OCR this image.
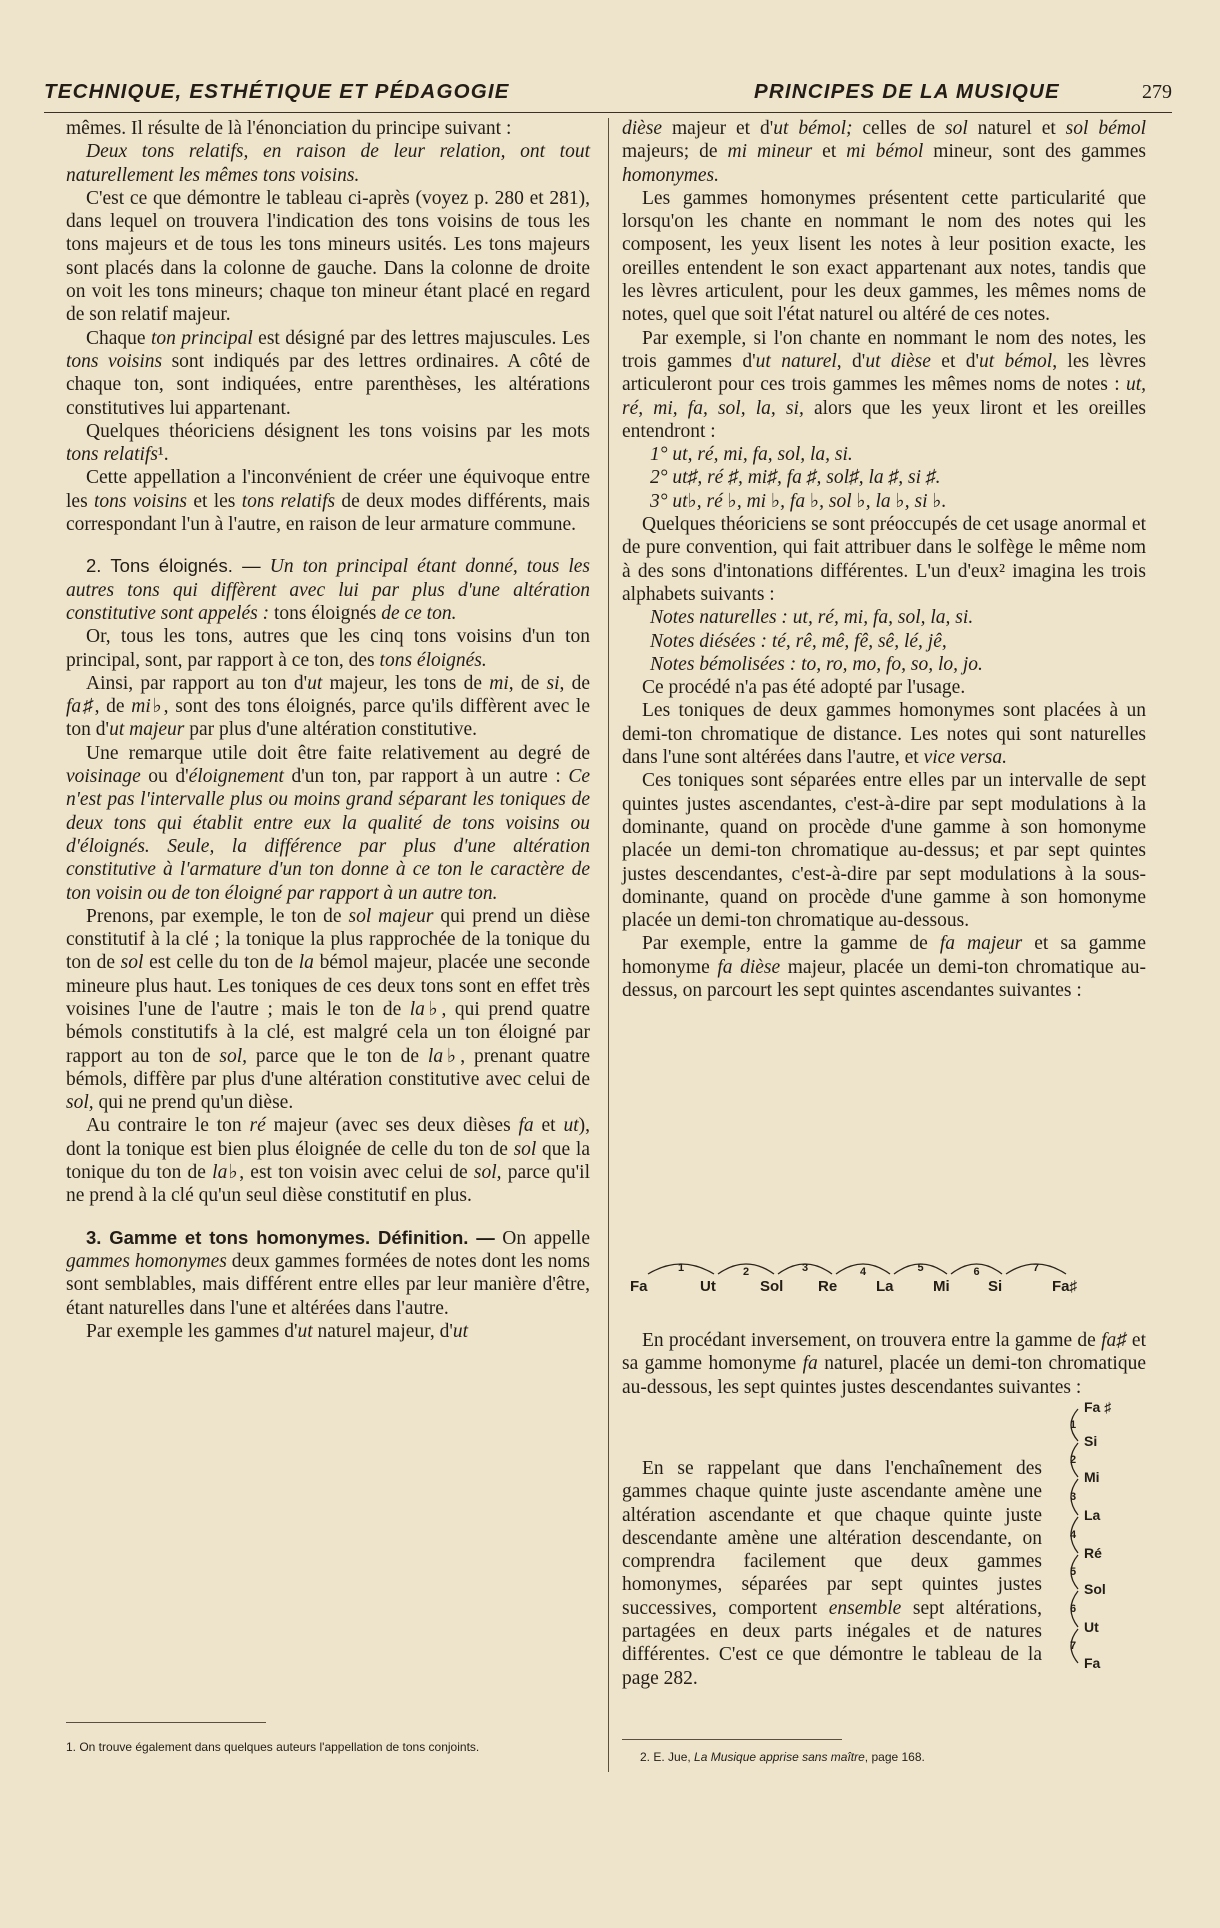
TECHNIQUE, ESTHÉTIQUE ET PÉDAGOGIE	PRINCIPES DE LA MUSIQUE	279

mêmes. Il résulte de là l'énonciation du principe suivant :

Deux tons relatifs, en raison de leur relation, ont tout naturellement les mêmes tons voisins.

C'est ce que démontre le tableau ci-après (voyez p. 280 et 281), dans lequel on trouvera l'indication des tons voisins de tous les tons majeurs et de tous les tons mineurs usités. Les tons majeurs sont placés dans la colonne de gauche. Dans la colonne de droite on voit les tons mineurs; chaque ton mineur étant placé en regard de son relatif majeur.

Chaque ton principal est désigné par des lettres majuscules. Les tons voisins sont indiqués par des lettres ordinaires. A côté de chaque ton, sont indiquées, entre parenthèses, les altérations constitutives lui appartenant.

Quelques théoriciens désignent les tons voisins par les mots tons relatifs¹.

Cette appellation a l'inconvénient de créer une équivoque entre les tons voisins et les tons relatifs de deux modes différents, mais correspondant l'un à l'autre, en raison de leur armature commune.

2. Tons éloignés. — Un ton principal étant donné, tous les autres tons qui diffèrent avec lui par plus d'une altération constitutive sont appelés : tons éloignés de ce ton.

Or, tous les tons, autres que les cinq tons voisins d'un ton principal, sont, par rapport à ce ton, des tons éloignés.

Ainsi, par rapport au ton d'ut majeur, les tons de mi, de si, de fa♯, de mi♭, sont des tons éloignés, parce qu'ils diffèrent avec le ton d'ut majeur par plus d'une altération constitutive.

Une remarque utile doit être faite relativement au degré de voisinage ou d'éloignement d'un ton, par rapport à un autre : Ce n'est pas l'intervalle plus ou moins grand séparant les toniques de deux tons qui établit entre eux la qualité de tons voisins ou d'éloignés. Seule, la différence par plus d'une altération constitutive à l'armature d'un ton donne à ce ton le caractère de ton voisin ou de ton éloigné par rapport à un autre ton.

Prenons, par exemple, le ton de sol majeur qui prend un dièse constitutif à la clé ; la tonique la plus rapprochée de la tonique du ton de sol est celle du ton de la bémol majeur, placée une seconde mineure plus haut. Les toniques de ces deux tons sont en effet très voisines l'une de l'autre ; mais le ton de la♭, qui prend quatre bémols constitutifs à la clé, est malgré cela un ton éloigné par rapport au ton de sol, parce que le ton de la♭, prenant quatre bémols, diffère par plus d'une altération constitutive avec celui de sol, qui ne prend qu'un dièse.

Au contraire le ton ré majeur (avec ses deux dièses fa et ut), dont la tonique est bien plus éloignée de celle du ton de sol que la tonique du ton de la♭, est ton voisin avec celui de sol, parce qu'il ne prend à la clé qu'un seul dièse constitutif en plus.

3. Gamme et tons homonymes. Définition. — On appelle gammes homonymes deux gammes formées de notes dont les noms sont semblables, mais différent entre elles par leur manière d'être, étant naturelles dans l'une et altérées dans l'autre.

Par exemple les gammes d'ut naturel majeur, d'ut

dièse majeur et d'ut bémol; celles de sol naturel et sol bémol majeurs; de mi mineur et mi bémol mineur, sont des gammes homonymes.

Les gammes homonymes présentent cette particularité que lorsqu'on les chante en nommant le nom des notes qui les composent, les yeux lisent les notes à leur position exacte, les oreilles entendent le son exact appartenant aux notes, tandis que les lèvres articulent, pour les deux gammes, les mêmes noms de notes, quel que soit l'état naturel ou altéré de ces notes.

Par exemple, si l'on chante en nommant le nom des notes, les trois gammes d'ut naturel, d'ut dièse et d'ut bémol, les lèvres articuleront pour ces trois gammes les mêmes noms de notes : ut, ré, mi, fa, sol, la, si, alors que les yeux liront et les oreilles entendront :

1° ut, ré, mi, fa, sol, la, si.

2° ut♯, ré ♯, mi♯, fa ♯, sol♯, la ♯, si ♯.

3° ut♭, ré ♭, mi ♭, fa ♭, sol ♭, la ♭, si ♭.

Quelques théoriciens se sont préoccupés de cet usage anormal et de pure convention, qui fait attribuer dans le solfège le même nom à des sons d'intonations différentes. L'un d'eux² imagina les trois alphabets suivants :

Notes naturelles : ut, ré, mi, fa, sol, la, si.

Notes diésées : té, rê, mê, fê, sê, lé, jê,

Notes bémolisées : to, ro, mo, fo, so, lo, jo.

Ce procédé n'a pas été adopté par l'usage.

Les toniques de deux gammes homonymes sont placées à un demi-ton chromatique de distance. Les notes qui sont naturelles dans l'une sont altérées dans l'autre, et vice versa.

Ces toniques sont séparées entre elles par un intervalle de sept quintes justes ascendantes, c'est-à-dire par sept modulations à la dominante, quand on procède d'une gamme à son homonyme placée un demi-ton chromatique au-dessus; et par sept quintes justes descendantes, c'est-à-dire par sept modulations à la sous-dominante, quand on procède d'une gamme à son homonyme placée un demi-ton chromatique au-dessous.

Par exemple, entre la gamme de fa majeur et sa gamme homonyme fa dièse majeur, placée un demi-ton chromatique au-dessus, on parcourt les sept quintes ascendantes suivantes :

Fa	Ut	Sol Re	La	Mi	Si	Fa♯
1	2	3	4	5	6	7

En procédant inversement, on trouvera entre la gamme de fa♯ et sa gamme homonyme fa naturel, placée un demi-ton chromatique au-dessous, les sept quintes justes descendantes suivantes :

En se rappelant que dans l'enchaînement des gammes chaque quinte juste ascendante amène une altération ascendante et que chaque quinte juste descendante amène une altération descendante, on comprendra facilement que deux gammes homonymes, séparées par sept quintes justes successives, comportent ensemble sept altérations, partagées en deux parts inégales et de natures différentes. C'est ce que démontre le tableau de la page 282.

Fa ♯
Si
Mi
La
Ré
Sol
Ut
Fa
1
2
3
4
5
6
7
1. On trouve également dans quelques auteurs l'appellation de tons conjoints.
2. E. Jue, La Musique apprise sans maître, page 168.
